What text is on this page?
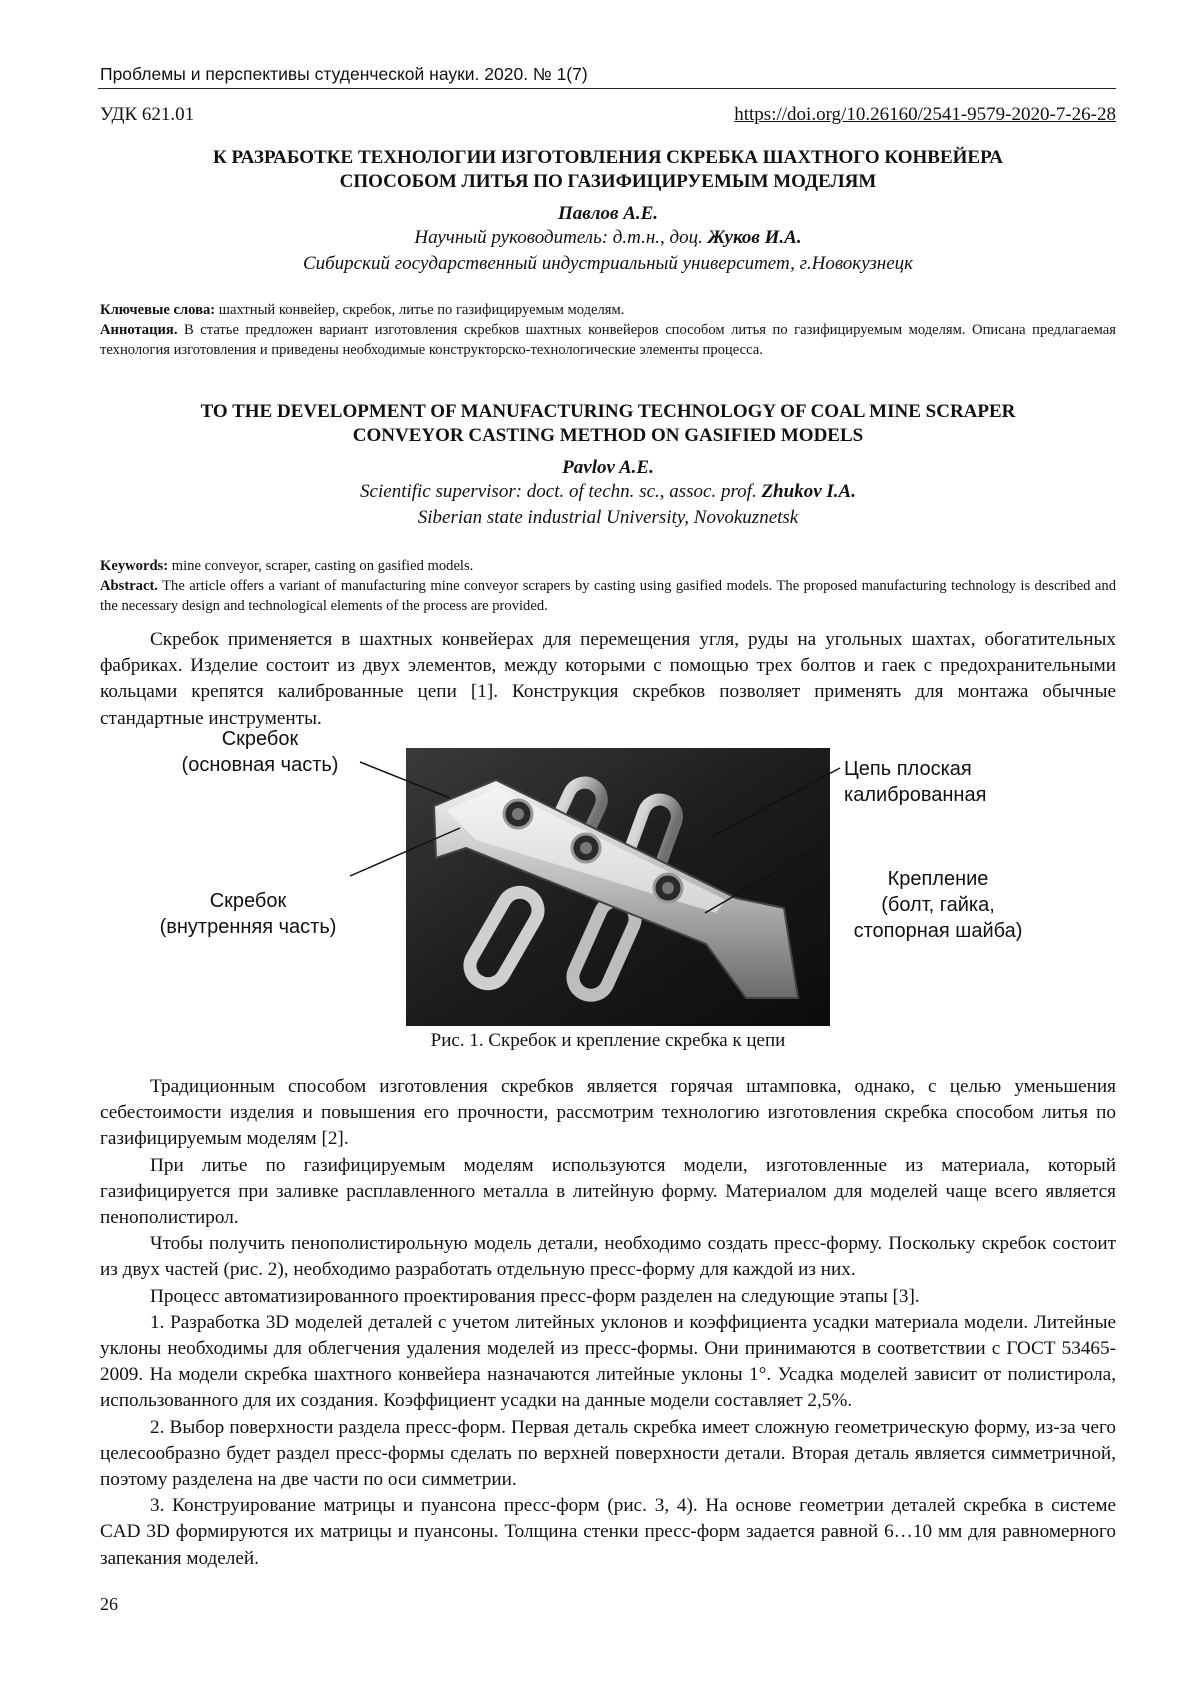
Проблемы и перспективы студенческой науки. 2020. № 1(7)
УДК 621.01	https://doi.org/10.26160/2541-9579-2020-7-26-28
К РАЗРАБОТКЕ ТЕХНОЛОГИИ ИЗГОТОВЛЕНИЯ СКРЕБКА ШАХТНОГО КОНВЕЙЕРА
СПОСОБОМ ЛИТЬЯ ПО ГАЗИФИЦИРУЕМЫМ МОДЕЛЯМ
Павлов А.Е.
Научный руководитель: д.т.н., доц. Жуков И.А.
Сибирский государственный индустриальный университет, г.Новокузнецк
Ключевые слова: шахтный конвейер, скребок, литье по газифицируемым моделям.
Аннотация. В статье предложен вариант изготовления скребков шахтных конвейеров способом литья по газифицируемым моделям. Описана предлагаемая технология изготовления и приведены необходимые конструкторско-технологические элементы процесса.
TO THE DEVELOPMENT OF MANUFACTURING TECHNOLOGY OF COAL MINE SCRAPER
CONVEYOR CASTING METHOD ON GASIFIED MODELS
Pavlov A.E.
Scientific supervisor: doct. of techn. sc., assoc. prof. Zhukov I.A.
Siberian state industrial University, Novokuznetsk
Keywords: mine conveyor, scraper, casting on gasified models.
Abstract. The article offers a variant of manufacturing mine conveyor scrapers by casting using gasified models. The proposed manufacturing technology is described and the necessary design and technological elements of the process are provided.

Скребок применяется в шахтных конвейерах для перемещения угля, руды на угольных шахтах, обогатительных фабриках. Изделие состоит из двух элементов, между которыми с помощью трех болтов и гаек с предохранительными кольцами крепятся калиброванные цепи [1]. Конструкция скребков позволяет применять для монтажа обычные стандартные инструменты.

Скребок
(основная часть)
Скребок
(внутренняя часть)
Цепь плоская
калиброванная
Крепление
(болт, гайка,
стопорная шайба)
Рис. 1. Скребок и крепление скребка к цепи

Традиционным способом изготовления скребков является горячая штамповка, однако, с целью уменьшения себестоимости изделия и повышения его прочности, рассмотрим технологию изготовления скребка способом литья по газифицируемым моделям [2].

При литье по газифицируемым моделям используются модели, изготовленные из материала, который газифицируется при заливке расплавленного металла в литейную форму. Материалом для моделей чаще всего является пенополистирол.

Чтобы получить пенополистирольную модель детали, необходимо создать пресс-форму. Поскольку скребок состоит из двух частей (рис. 2), необходимо разработать отдельную пресс-форму для каждой из них.

Процесс автоматизированного проектирования пресс-форм разделен на следующие этапы [3].

1. Разработка 3D моделей деталей с учетом литейных уклонов и коэффициента усадки материала модели. Литейные уклоны необходимы для облегчения удаления моделей из пресс-формы. Они принимаются в соответствии с ГОСТ 53465-2009. На модели скребка шахтного конвейера назначаются литейные уклоны 1°. Усадка моделей зависит от полистирола, использованного для их создания. Коэффициент усадки на данные модели составляет 2,5%.

2. Выбор поверхности раздела пресс-форм. Первая деталь скребка имеет сложную геометрическую форму, из-за чего целесообразно будет раздел пресс-формы сделать по верхней поверхности детали. Вторая деталь является симметричной, поэтому разделена на две части по оси симметрии.

3. Конструирование матрицы и пуансона пресс-форм (рис. 3, 4). На основе геометрии деталей скребка в системе CAD 3D формируются их матрицы и пуансоны. Толщина стенки пресс-форм задается равной 6…10 мм для равномерного запекания моделей.

26
